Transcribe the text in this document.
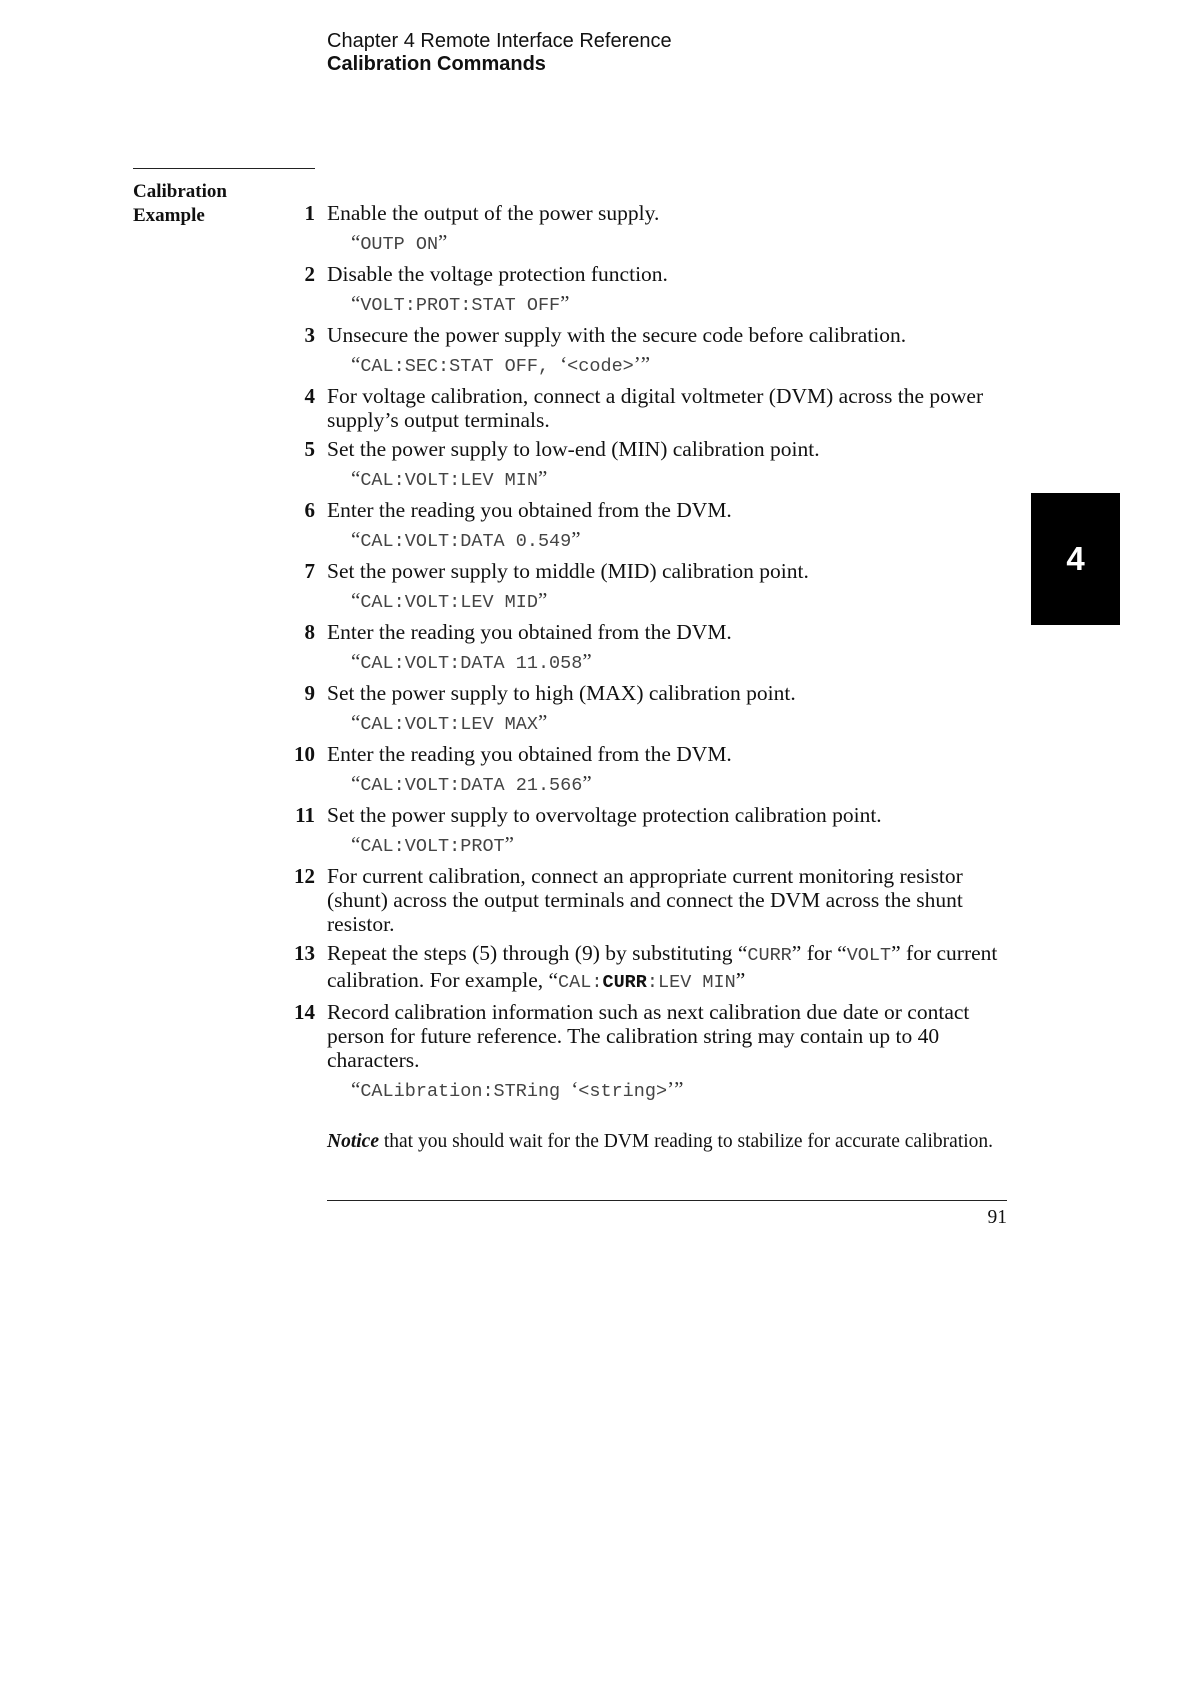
Chapter 4 Remote Interface Reference
Calibration Commands
Calibration
Example	1 Enable the output of the power supply.
“OUTP ON”
2 Disable the voltage protection function.
“VOLT:PROT:STAT OFF”
3 Unsecure the power supply with the secure code before calibration.
“CAL:SEC:STAT OFF, ‘<code>’”
4 For voltage calibration, connect a digital voltmeter (DVM) across the power supply’s output terminals.
5 Set the power supply to low-end (MIN) calibration point.
“CAL:VOLT:LEV MIN”
6 Enter the reading you obtained from the DVM.
“CAL:VOLT:DATA 0.549”
7 Set the power supply to middle (MID) calibration point.
“CAL:VOLT:LEV MID”
8 Enter the reading you obtained from the DVM.
“CAL:VOLT:DATA 11.058”
9 Set the power supply to high (MAX) calibration point.
“CAL:VOLT:LEV MAX”
10 Enter the reading you obtained from the DVM.
“CAL:VOLT:DATA 21.566”
11 Set the power supply to overvoltage protection calibration point.
“CAL:VOLT:PROT”
12 For current calibration, connect an appropriate current monitoring resistor (shunt) across the output terminals and connect the DVM across the shunt resistor.
13 Repeat the steps (5) through (9) by substituting “CURR” for “VOLT” for current calibration. For example, “CAL:CURR:LEV MIN”
14 Record calibration information such as next calibration due date or contact person for future reference. The calibration string may contain up to 40 characters.
“CALibration:STRing ‘<string>’”
Notice that you should wait for the DVM reading to stabilize for accurate calibration.
91
4
